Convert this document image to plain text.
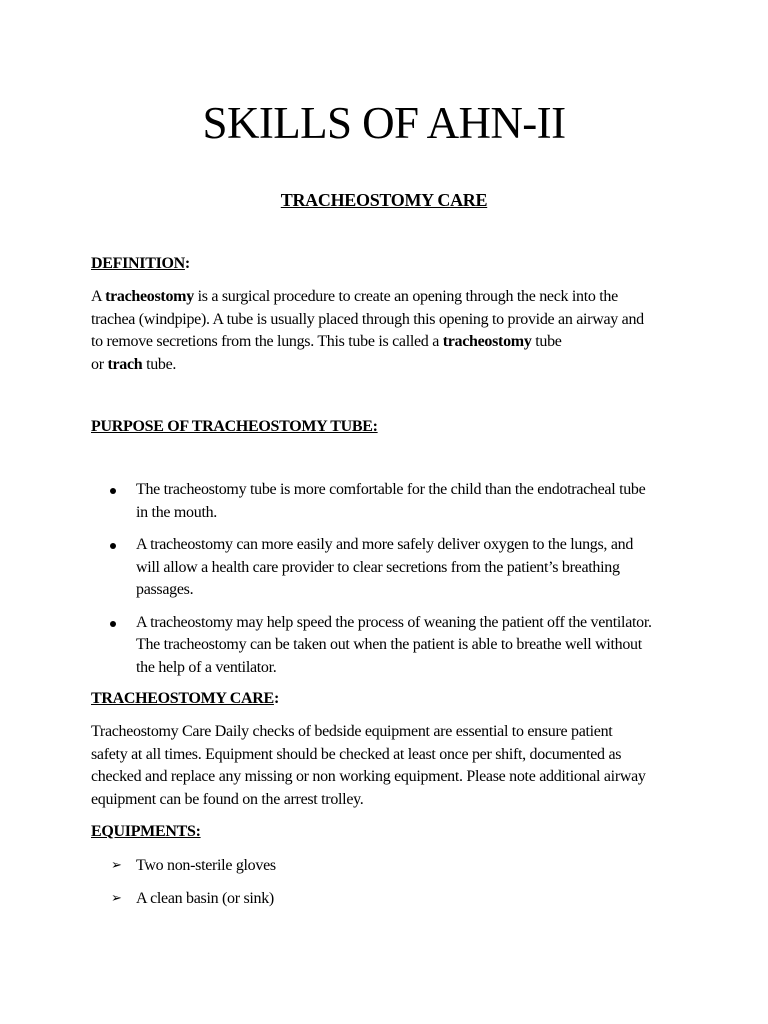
SKILLS OF AHN-II
TRACHEOSTOMY CARE
DEFINITION:

A tracheostomy is a surgical procedure to create an opening through the neck into the

trachea (windpipe). A tube is usually placed through this opening to provide an airway and

to remove secretions from the lungs. This tube is called a tracheostomy tube

or trach tube.

PURPOSE OF TRACHEOSTOMY TUBE:
The tracheostomy tube is more comfortable for the child than the endotracheal tube
in the mouth.
A tracheostomy can more easily and more safely deliver oxygen to the lungs, and
will allow a health care provider to clear secretions from the patient’s breathing
passages.
A tracheostomy may help speed the process of weaning the patient off the ventilator.
The tracheostomy can be taken out when the patient is able to breathe well without
the help of a ventilator.
TRACHEOSTOMY CARE:

Tracheostomy Care Daily checks of bedside equipment are essential to ensure patient

safety at all times. Equipment should be checked at least once per shift, documented as

checked and replace any missing or non working equipment. Please note additional airway

equipment can be found on the arrest trolley.

EQUIPMENTS:
➢ Two non-sterile gloves
➢ A clean basin (or sink)
